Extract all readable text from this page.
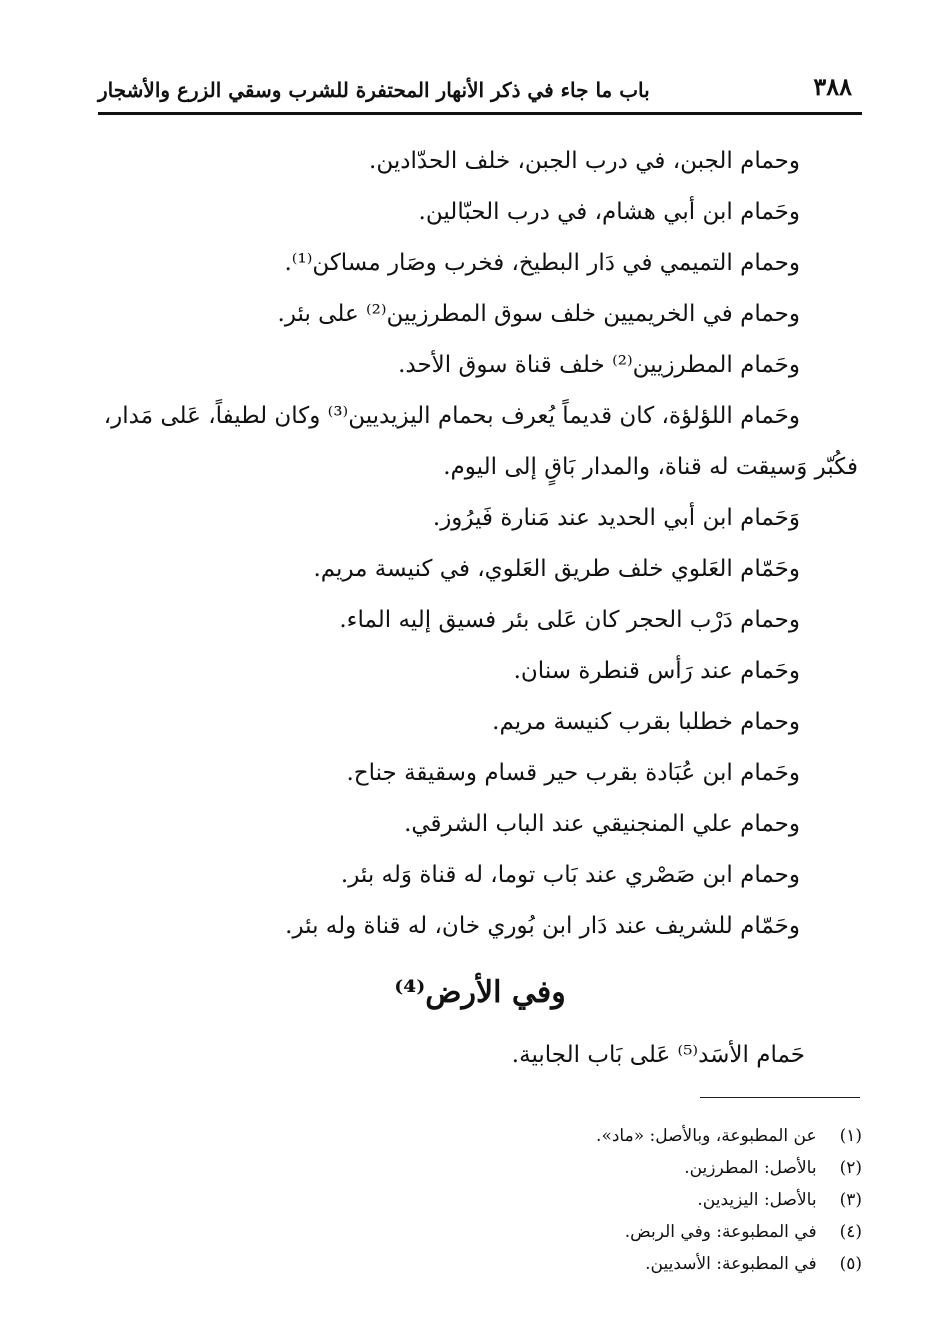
٣٨٨
باب ما جاء في ذكر الأنهار المحتفرة للشرب وسقي الزرع والأشجار
وحمام الجبن، في درب الجبن، خلف الحدّادين.
وحَمام ابن أبي هشام، في درب الحبّالين.
وحمام التميمي في دَار البطيخ، فخرب وصَار مساكن⁽¹⁾.
وحمام في الخريميين خلف سوق المطرزيين⁽²⁾ على بئر.
وحَمام المطرزيين⁽²⁾ خلف قناة سوق الأحد.
وحَمام اللؤلؤة، كان قديماً يُعرف بحمام اليزيديين⁽³⁾ وكان لطيفاً، عَلى مَدار،
فكُبّر وَسيقت له قناة، والمدار بَاقٍ إلى اليوم.
وَحَمام ابن أبي الحديد عند مَنارة فَيرُوز.
وحَمّام العَلوي خلف طريق العَلوي، في كنيسة مريم.
وحمام دَرْب الحجر كان عَلى بئر فسيق إليه الماء.
وحَمام عند رَأس قنطرة سنان.
وحمام خطلبا بقرب كنيسة مريم.
وحَمام ابن عُبَادة بقرب حير قسام وسقيقة جناح.
وحمام علي المنجنيقي عند الباب الشرقي.
وحمام ابن صَصْري عند بَاب توما، له قناة وَله بئر.
وحَمّام للشريف عند دَار ابن بُوري خان، له قناة وله بئر.
وفي الأرض⁽⁴⁾
حَمام الأسَد⁽⁵⁾ عَلى بَاب الجابية.
(١) عن المطبوعة، وبالأصل: «ماد».
(٢) بالأصل: المطرزين.
(٣) بالأصل: اليزيدين.
(٤) في المطبوعة: وفي الربض.
(٥) في المطبوعة: الأسديين.
